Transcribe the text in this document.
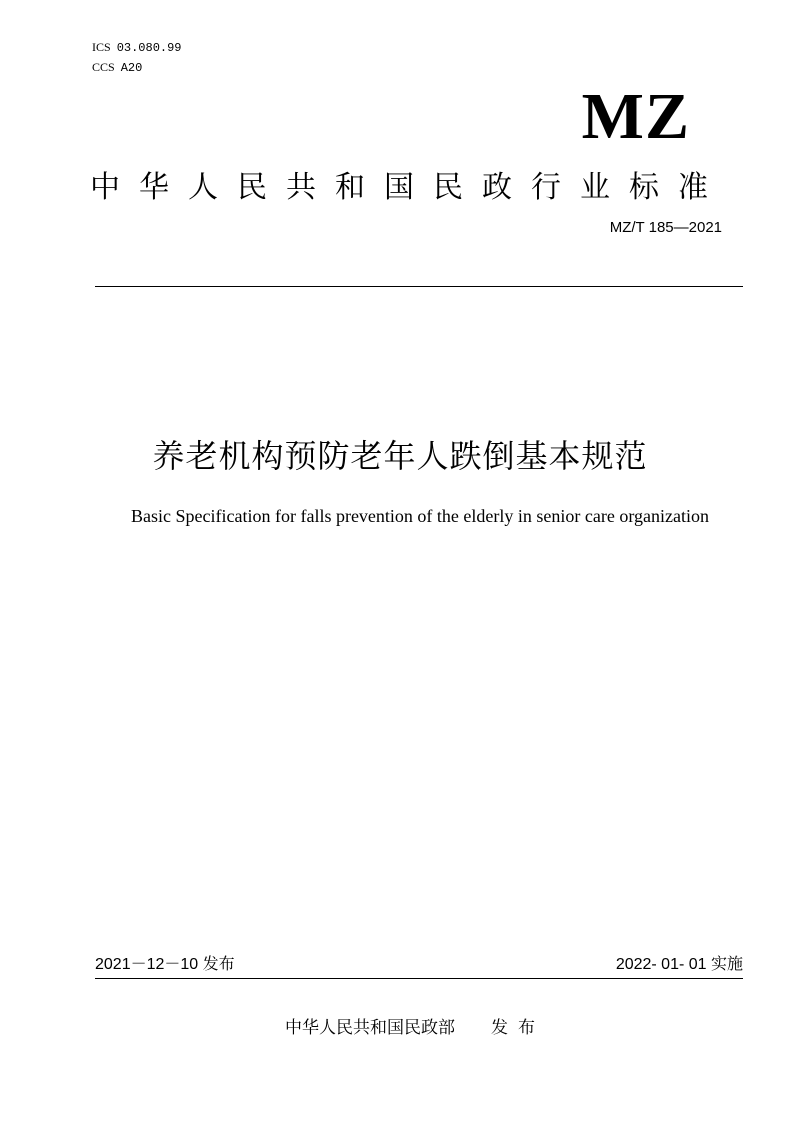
ICS 03.080.99
CCS A20
MZ
中华人民共和国民政行业标准
MZ/T 185—2021
养老机构预防老年人跌倒基本规范
Basic Specification for falls prevention of the elderly in senior care organization
2021－12－10 发布	2022- 01- 01 实施
中华人民共和国民政部 发布
